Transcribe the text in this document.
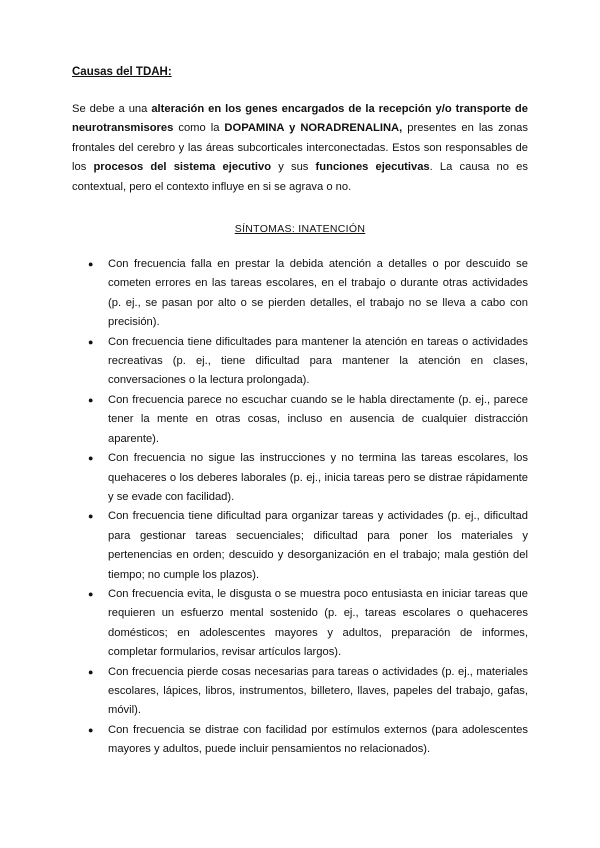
Causas del TDAH:

Se debe a una alteración en los genes encargados de la recepción y/o transporte de neurotransmisores como la DOPAMINA y NORADRENALINA, presentes en las zonas frontales del cerebro y las áreas subcorticales interconectadas. Estos son responsables de los procesos del sistema ejecutivo y sus funciones ejecutivas. La causa no es contextual, pero el contexto influye en si se agrava o no.

SÍNTOMAS: INATENCIÓN
● Con frecuencia falla en prestar la debida atención a detalles o por descuido se cometen errores en las tareas escolares, en el trabajo o durante otras actividades (p. ej., se pasan por alto o se pierden detalles, el trabajo no se lleva a cabo con precisión).
● Con frecuencia tiene dificultades para mantener la atención en tareas o actividades recreativas (p. ej., tiene dificultad para mantener la atención en clases, conversaciones o la lectura prolongada).
● Con frecuencia parece no escuchar cuando se le habla directamente (p. ej., parece tener la mente en otras cosas, incluso en ausencia de cualquier distracción aparente).
● Con frecuencia no sigue las instrucciones y no termina las tareas escolares, los quehaceres o los deberes laborales (p. ej., inicia tareas pero se distrae rápidamente y se evade con facilidad).
● Con frecuencia tiene dificultad para organizar tareas y actividades (p. ej., dificultad para gestionar tareas secuenciales; dificultad para poner los materiales y pertenencias en orden; descuido y desorganización en el trabajo; mala gestión del tiempo; no cumple los plazos).
● Con frecuencia evita, le disgusta o se muestra poco entusiasta en iniciar tareas que requieren un esfuerzo mental sostenido (p. ej., tareas escolares o quehaceres domésticos; en adolescentes mayores y adultos, preparación de informes, completar formularios, revisar artículos largos).
● Con frecuencia pierde cosas necesarias para tareas o actividades (p. ej., materiales escolares, lápices, libros, instrumentos, billetero, llaves, papeles del trabajo, gafas, móvil).
● Con frecuencia se distrae con facilidad por estímulos externos (para adolescentes mayores y adultos, puede incluir pensamientos no relacionados).
